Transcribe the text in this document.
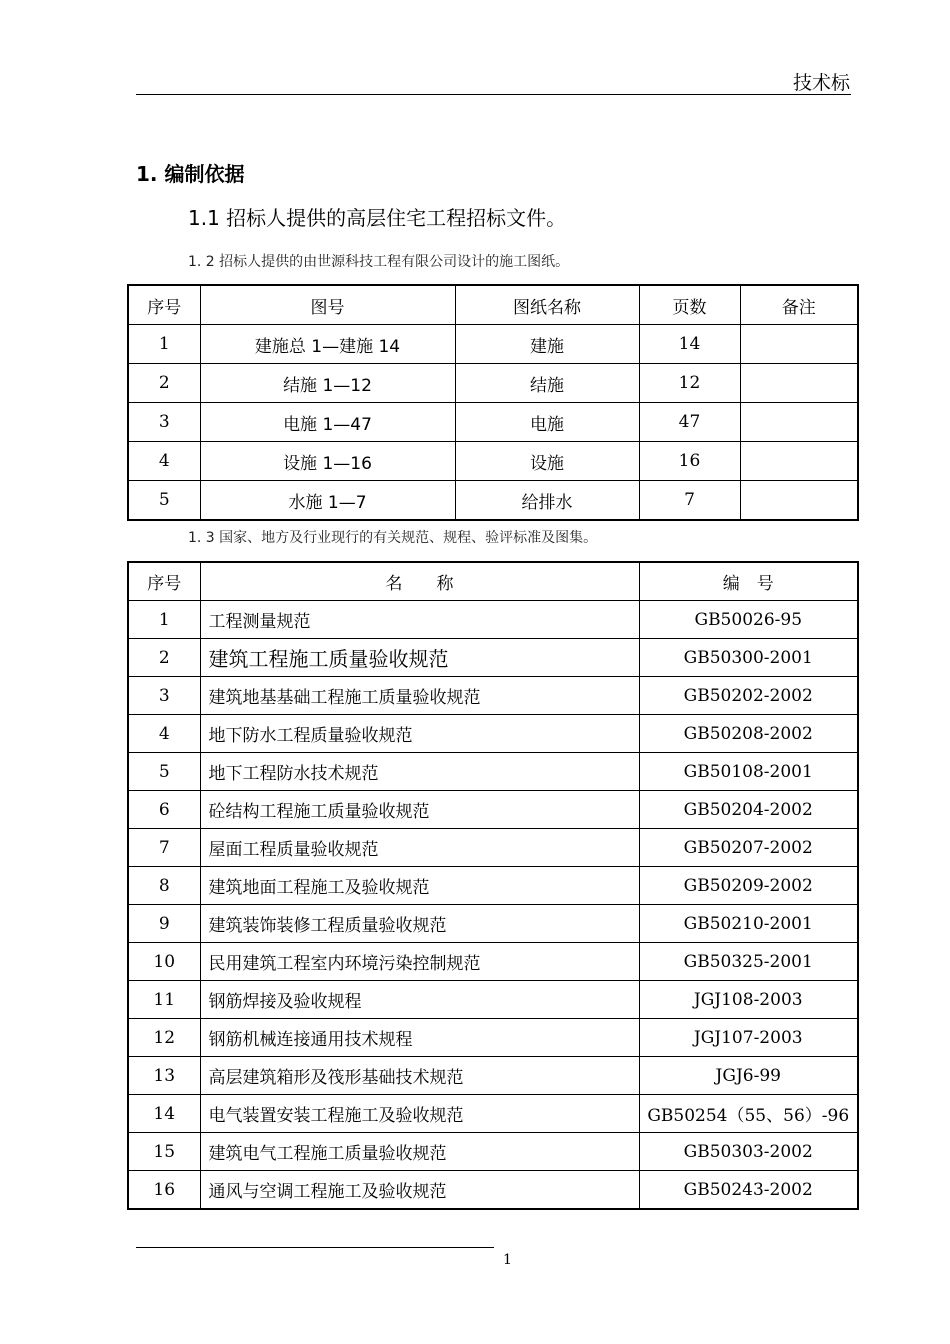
技术标
1. 编制依据
1.1 招标人提供的高层住宅工程招标文件。
1. 2 招标人提供的由世源科技工程有限公司设计的施工图纸。
序号	图号	图纸名称	页数	备注
1	建施总 1—建施 14	建施	14	
2	结施 1—12	结施	12	
3	电施 1—47	电施	47	
4	设施 1—16	设施	16	
5	水施 1—7	给排水	7	
1. 3 国家、地方及行业现行的有关规范、规程、验评标准及图集。
序号	名　　称	编　号
1	工程测量规范	GB50026-95
2	建筑工程施工质量验收规范	GB50300-2001
3	建筑地基基础工程施工质量验收规范	GB50202-2002
4	地下防水工程质量验收规范	GB50208-2002
5	地下工程防水技术规范	GB50108-2001
6	砼结构工程施工质量验收规范	GB50204-2002
7	屋面工程质量验收规范	GB50207-2002
8	建筑地面工程施工及验收规范	GB50209-2002
9	建筑装饰装修工程质量验收规范	GB50210-2001
10	民用建筑工程室内环境污染控制规范	GB50325-2001
11	钢筋焊接及验收规程	JGJ108-2003
12	钢筋机械连接通用技术规程	JGJ107-2003
13	高层建筑箱形及筏形基础技术规范	JGJ6-99
14	电气装置安装工程施工及验收规范	GB50254（55、56）-96
15	建筑电气工程施工质量验收规范	GB50303-2002
16	通风与空调工程施工及验收规范	GB50243-2002
1
